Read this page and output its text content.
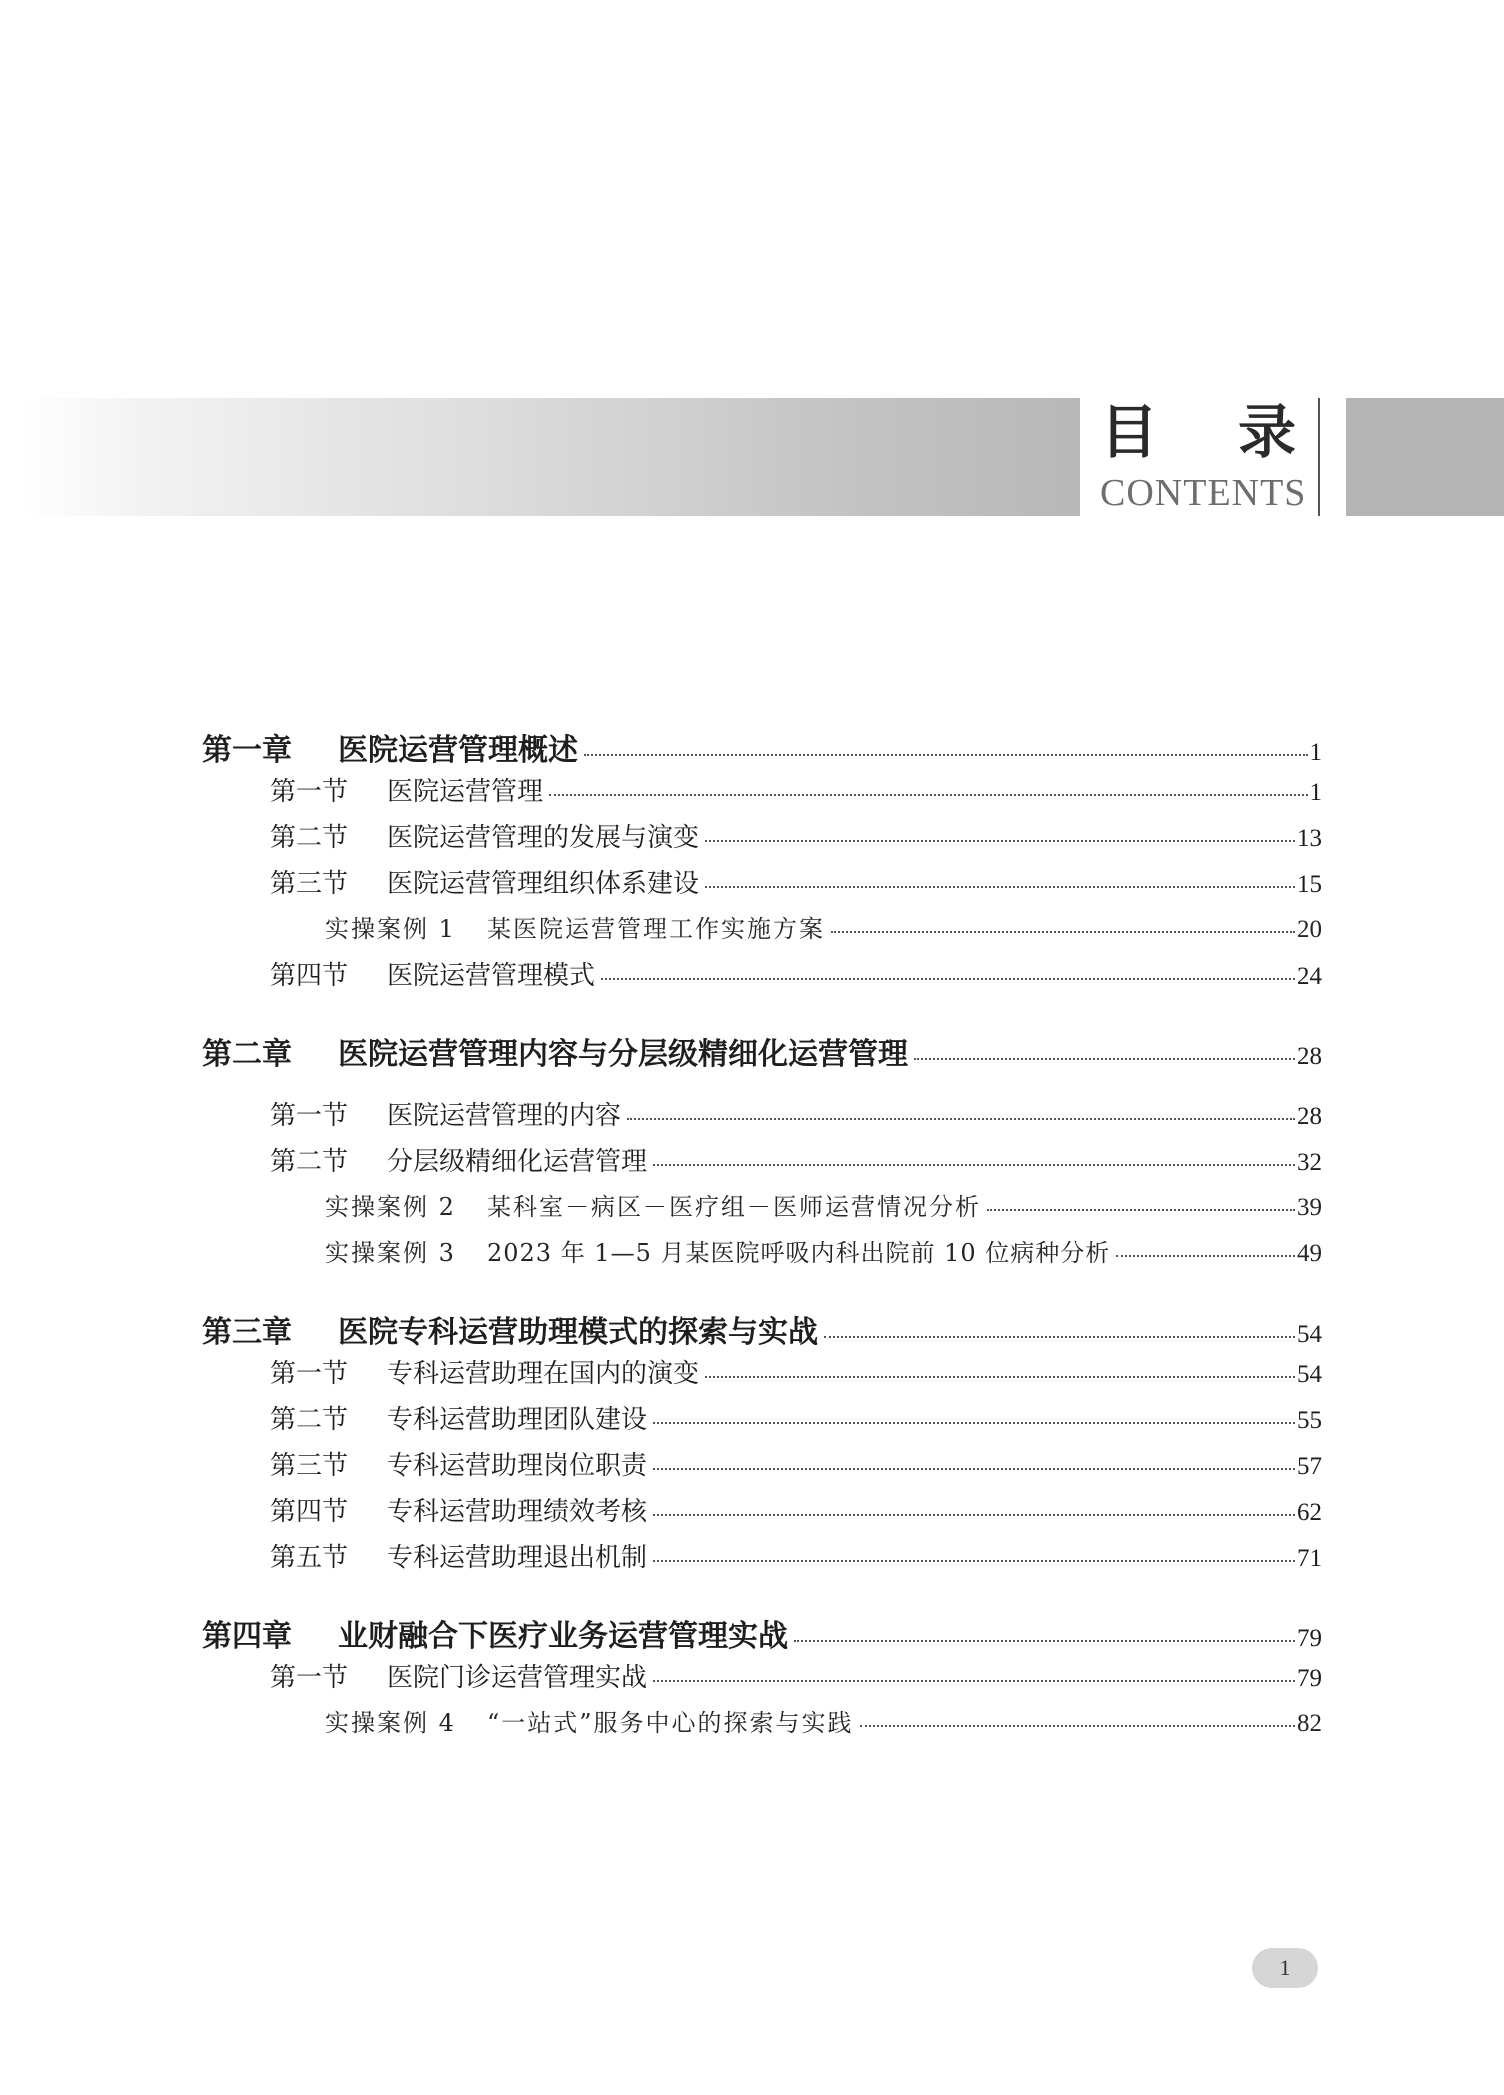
目 录
CONTENTS
第一章 医院运营管理概述	1
第一节 医院运营管理	1
第二节 医院运营管理的发展与演变	13
第三节 医院运营管理组织体系建设	15
实操案例 1 某医院运营管理工作实施方案	20
第四节 医院运营管理模式	24
第二章 医院运营管理内容与分层级精细化运营管理	28
第一节 医院运营管理的内容	28
第二节 分层级精细化运营管理	32
实操案例 2 某科室－病区－医疗组－医师运营情况分析	39
实操案例 3 2023 年 1—5 月某医院呼吸内科出院前 10 位病种分析	49
第三章 医院专科运营助理模式的探索与实战	54
第一节 专科运营助理在国内的演变	54
第二节 专科运营助理团队建设	55
第三节 专科运营助理岗位职责	57
第四节 专科运营助理绩效考核	62
第五节 专科运营助理退出机制	71
第四章 业财融合下医疗业务运营管理实战	79
第一节 医院门诊运营管理实战	79
实操案例 4 “一站式”服务中心的探索与实践	82
1
